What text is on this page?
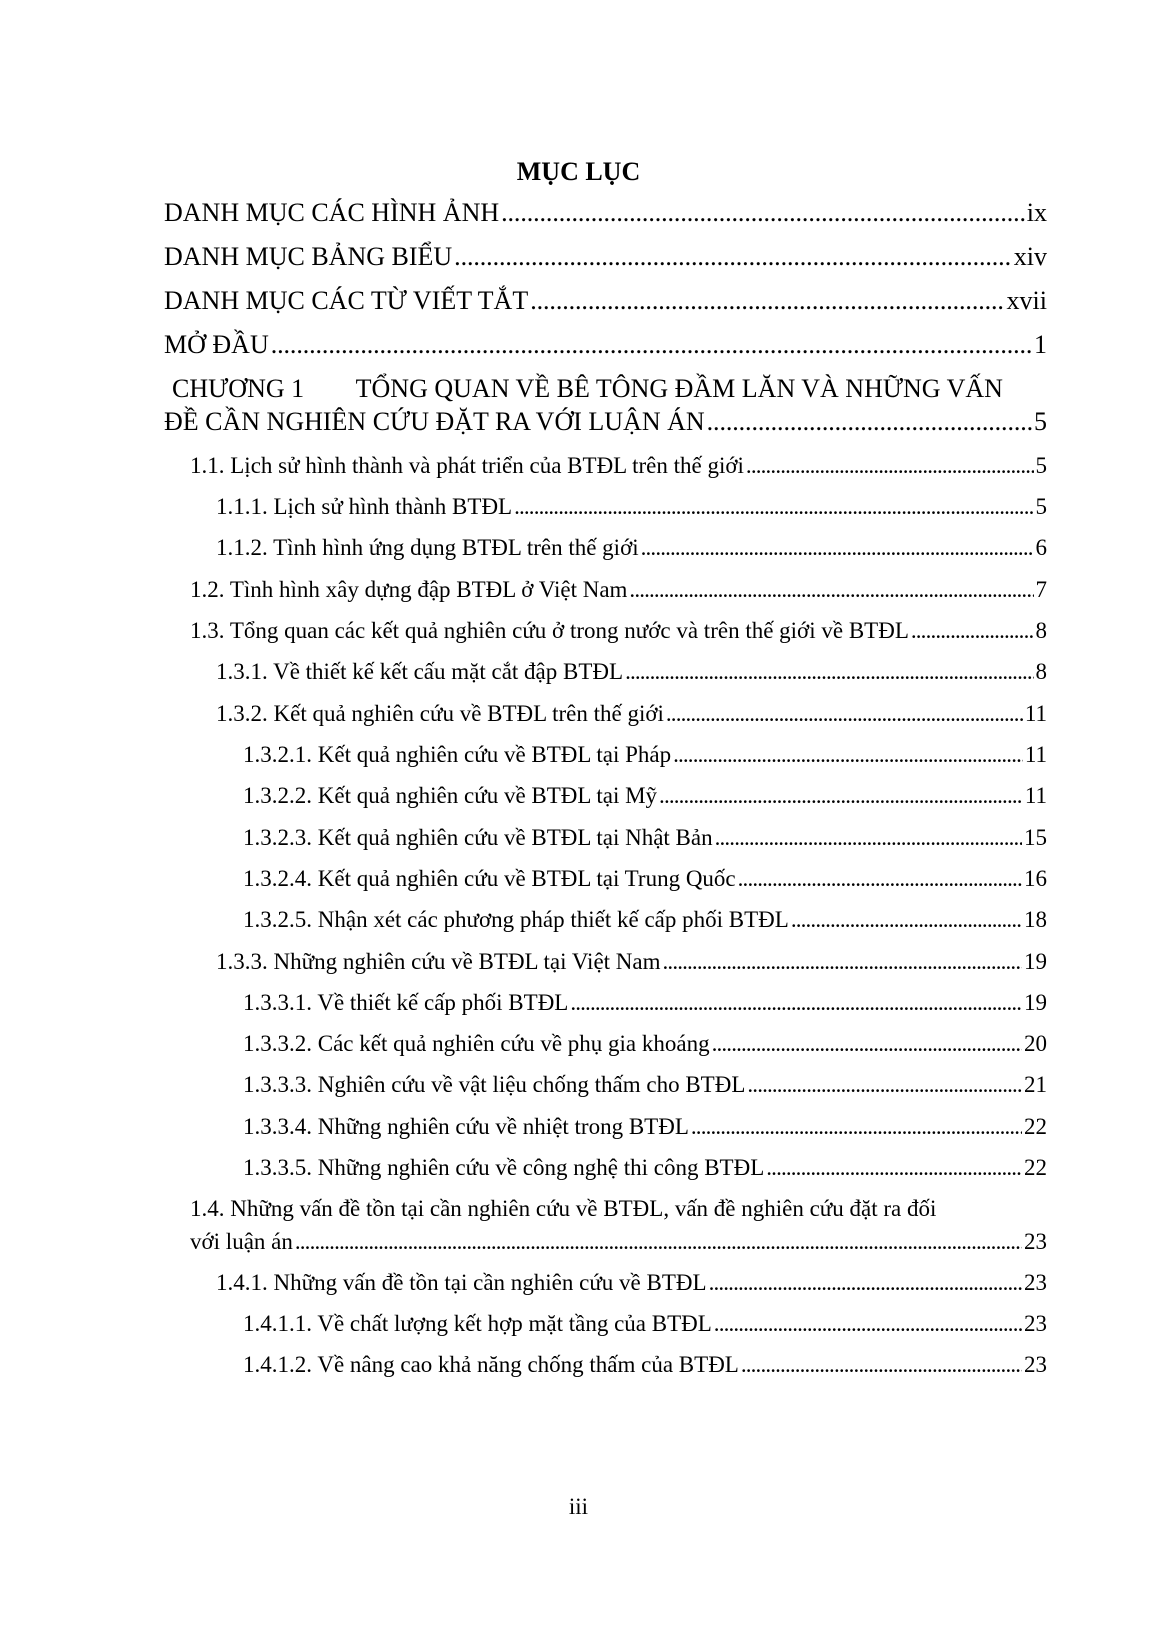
MỤC LỤC
DANH MỤC CÁC HÌNH ẢNH . . .	ix
DANH MỤC BẢNG BIỂU . . .	xiv
DANH MỤC CÁC TỪ VIẾT TẮT . . .	xvii
MỞ ĐẦU . . .	1
CHƯƠNG 1        TỔNG QUAN VỀ BÊ TÔNG ĐẦM LĂN VÀ NHỮNG VẤN
ĐỀ CẦN NGHIÊN CỨU ĐẶT RA VỚI LUẬN ÁN . . .	5
1.1. Lịch sử hình thành và phát triển của BTĐL trên thế giới . . .	5
1.1.1. Lịch sử hình thành BTĐL . . .	5
1.1.2. Tình hình ứng dụng BTĐL trên thế giới . . .	6
1.2. Tình hình xây dựng đập BTĐL ở Việt Nam . . .	7
1.3. Tổng quan các kết quả nghiên cứu ở trong nước và trên thế giới về BTĐL . . .	8
1.3.1. Về thiết kế kết cấu mặt cắt đập BTĐL . . .	8
1.3.2. Kết quả nghiên cứu về BTĐL trên thế giới . . .	11
1.3.2.1. Kết quả nghiên cứu về BTĐL tại Pháp . . .	11
1.3.2.2. Kết quả nghiên cứu về BTĐL tại Mỹ . . .	11
1.3.2.3. Kết quả nghiên cứu về BTĐL tại Nhật Bản . . .	15
1.3.2.4. Kết quả nghiên cứu về BTĐL tại Trung Quốc . . .	16
1.3.2.5. Nhận xét các phương pháp thiết kế cấp phối BTĐL . . .	18
1.3.3. Những nghiên cứu về BTĐL tại Việt Nam . . .	19
1.3.3.1. Về thiết kế cấp phối BTĐL . . .	19
1.3.3.2. Các kết quả nghiên cứu về phụ gia khoáng . . .	20
1.3.3.3. Nghiên cứu về vật liệu chống thấm cho BTĐL . . .	21
1.3.3.4. Những nghiên cứu về nhiệt trong BTĐL . . .	22
1.3.3.5. Những nghiên cứu về công nghệ thi công BTĐL . . .	22
1.4. Những vấn đề tồn tại cần nghiên cứu về BTĐL, vấn đề nghiên cứu đặt ra đối
với luận án . . .	23
1.4.1. Những vấn đề tồn tại cần nghiên cứu về BTĐL . . .	23
1.4.1.1. Về chất lượng kết hợp mặt tầng của BTĐL . . .	23
1.4.1.2. Về nâng cao khả năng chống thấm của BTĐL . . .	23
iii
